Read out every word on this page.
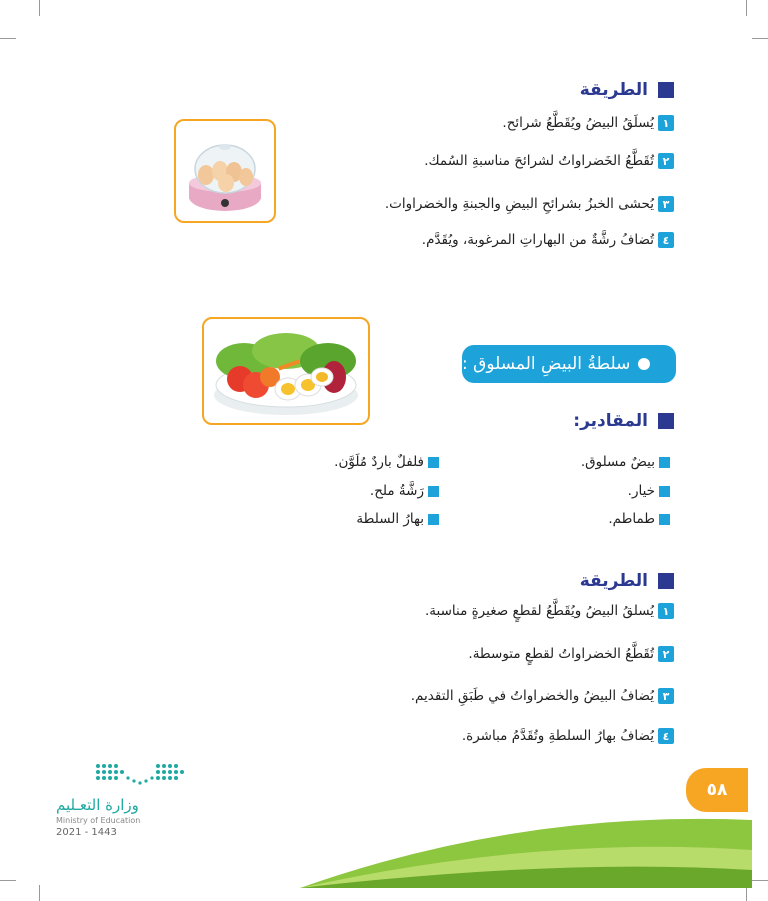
الطريقة
١
يُسلَقُ البيضُ ويُقَطَّعُ شرائح.
٢
تُقَطَّعُ الخَضراواتُ لشرائحَ مناسبةِ السُمك.
٣
يُحشى الخبزُ بشرائحِ البيضِ والجبنةِ والخضراوات.
٤
تُضافُ رشَّةٌ من البهاراتِ المرغوبة، ويُقَدَّم.
سلطةُ البيضِ المسلوق :
المقادير:
بيضٌ مسلوق.
خيار.
طماطم.
فلفلٌ باردٌ مُلَوَّن.
رَشَّةُ ملح.
بهارُ السلطة
الطريقة
١
يُسلقُ البيضُ ويُقَطَّعُ لقطعٍ صغيرةٍ مناسبة.
٢
تُقَطَّعُ الخضراواتُ لقطعٍ متوسطة.
٣
يُضافُ البيضُ والخضراواتُ في طَبَقِ التقديم.
٤
يُضافُ بهارُ السلطةِ وتُقَدَّمُ مباشرة.
وزارة التعـليم
Ministry of Education
2021 - 1443
٥٨
